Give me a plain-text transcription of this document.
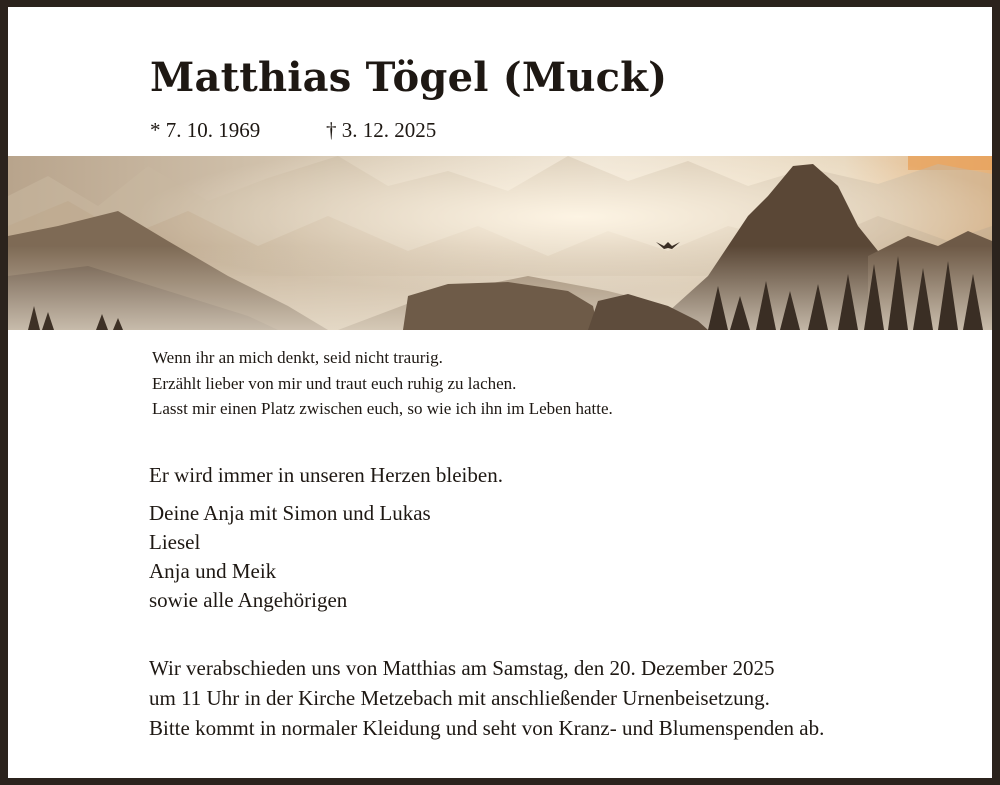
Matthias Tögel (Muck)
* 7. 10. 1969	† 3. 12. 2025
Wenn ihr an mich denkt, seid nicht traurig.
Erzählt lieber von mir und traut euch ruhig zu lachen.
Lasst mir einen Platz zwischen euch, so wie ich ihn im Leben hatte.
Er wird immer in unseren Herzen bleiben.
Deine Anja mit Simon und Lukas
Liesel
Anja und Meik
sowie alle Angehörigen
Wir verabschieden uns von Matthias am Samstag, den 20. Dezember 2025
um 11 Uhr in der Kirche Metzebach mit anschließender Urnenbeisetzung.
Bitte kommt in normaler Kleidung und seht von Kranz- und Blumenspenden ab.
